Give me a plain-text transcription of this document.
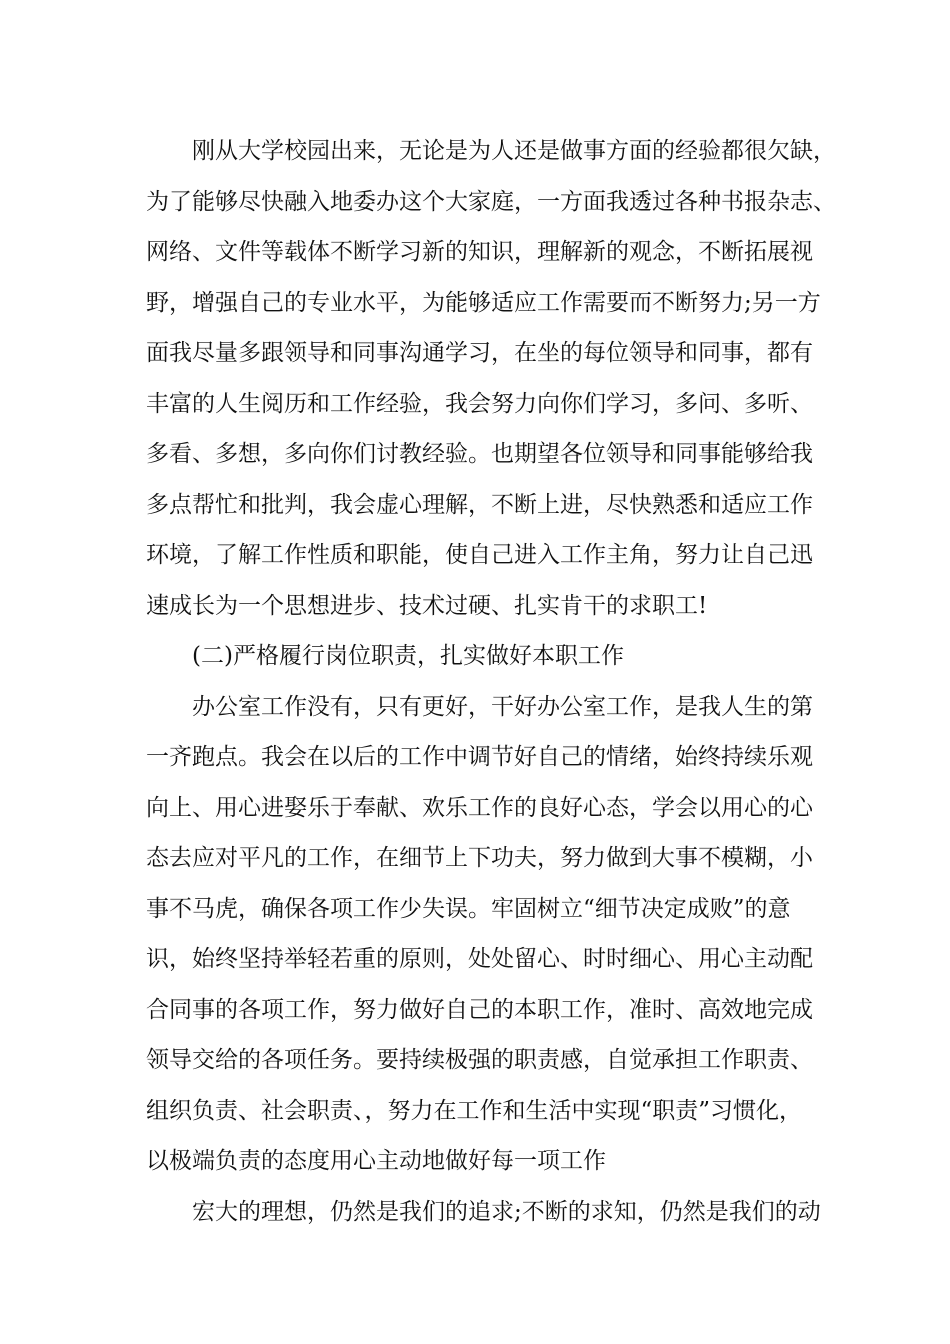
刚从大学校园出来，无论是为人还是做事方面的经验都很欠缺，
为了能够尽快融入地委办这个大家庭，一方面我透过各种书报杂志、
网络、文件等载体不断学习新的知识，理解新的观念，不断拓展视
野，增强自己的专业水平，为能够适应工作需要而不断努力;另一方
面我尽量多跟领导和同事沟通学习，在坐的每位领导和同事，都有
丰富的人生阅历和工作经验，我会努力向你们学习，多问、多听、
多看、多想，多向你们讨教经验。也期望各位领导和同事能够给我
多点帮忙和批判，我会虚心理解，不断上进，尽快熟悉和适应工作
环境，了解工作性质和职能，使自己进入工作主角，努力让自己迅
速成长为一个思想进步、技术过硬、扎实肯干的求职工!
(二)严格履行岗位职责，扎实做好本职工作
办公室工作没有，只有更好，干好办公室工作，是我人生的第
一齐跑点。我会在以后的工作中调节好自己的情绪，始终持续乐观
向上、用心进娶乐于奉献、欢乐工作的良好心态，学会以用心的心
态去应对平凡的工作，在细节上下功夫，努力做到大事不模糊，小
事不马虎，确保各项工作少失误。牢固树立“细节决定成败”的意
识，始终坚持举轻若重的原则，处处留心、时时细心、用心主动配
合同事的各项工作，努力做好自己的本职工作，准时、高效地完成
领导交给的各项任务。要持续极强的职责感，自觉承担工作职责、
组织负责、社会职责、，努力在工作和生活中实现“职责”习惯化，
以极端负责的态度用心主动地做好每一项工作
宏大的理想，仍然是我们的追求;不断的求知，仍然是我们的动
